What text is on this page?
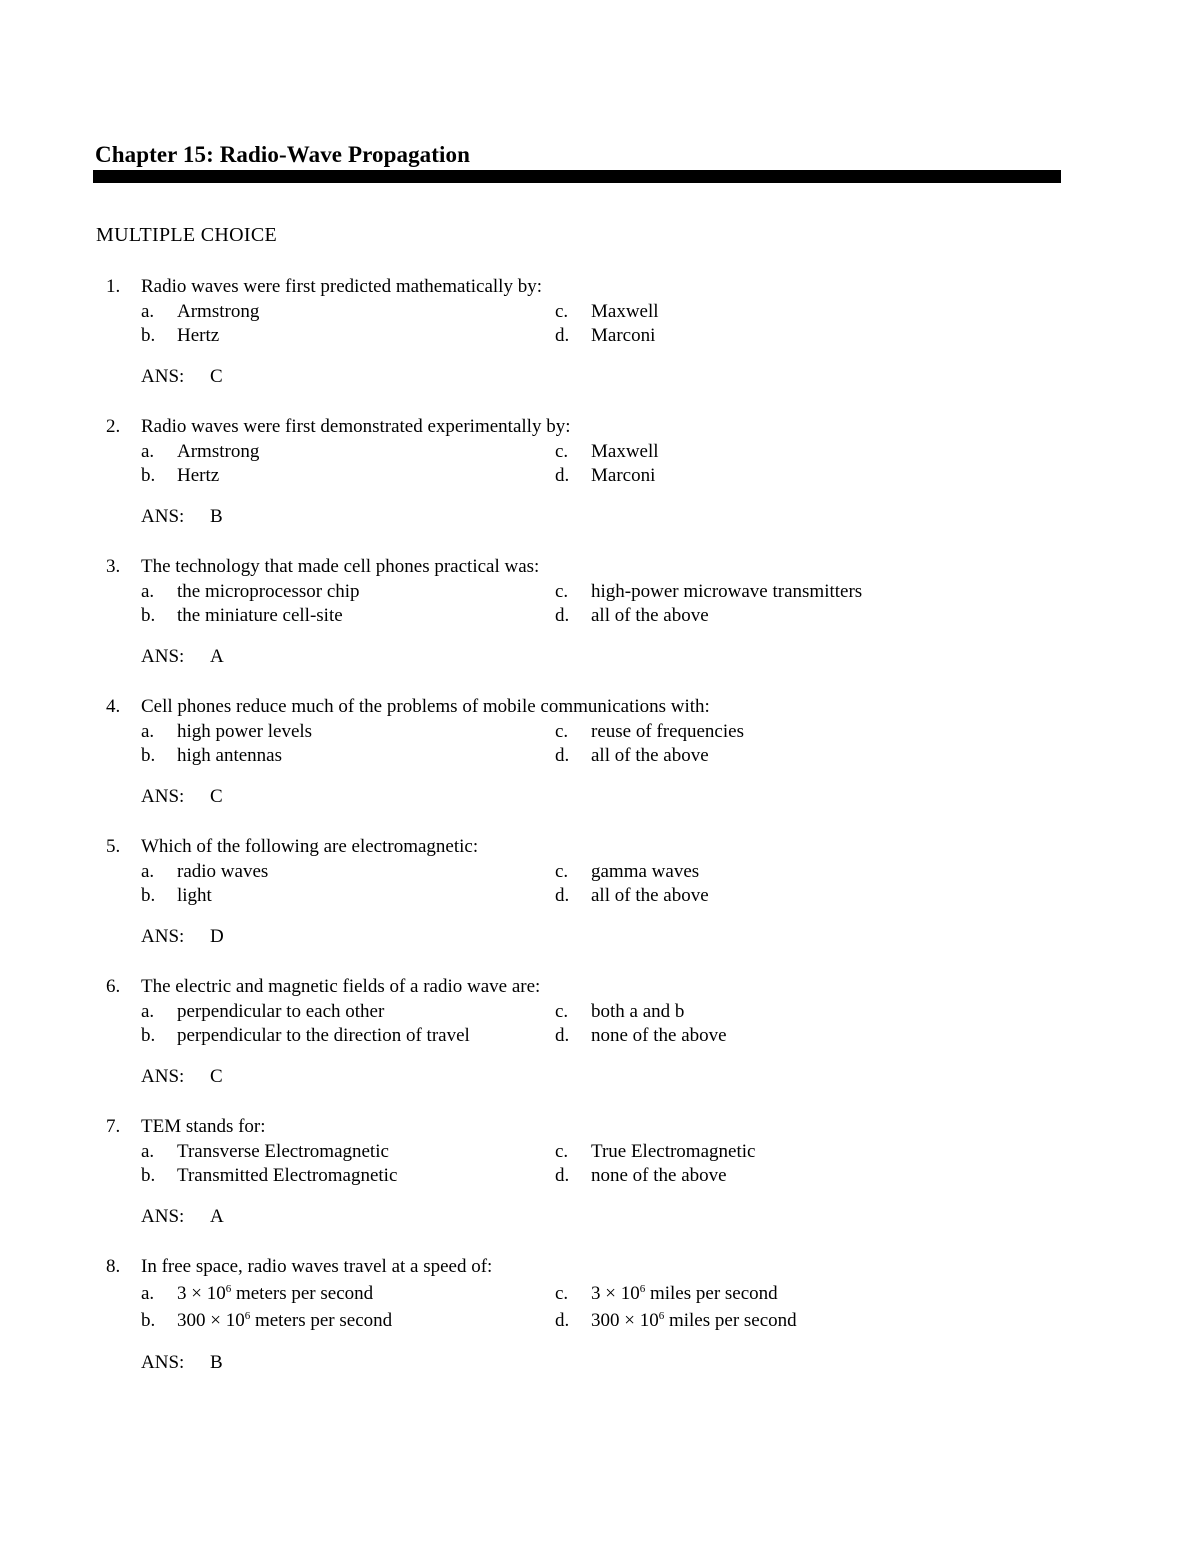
Chapter 15: Radio-Wave Propagation
MULTIPLE CHOICE
1. Radio waves were first predicted mathematically by:
a. Armstrong
b. Hertz
c. Maxwell
d. Marconi
ANS: C
2. Radio waves were first demonstrated experimentally by:
a. Armstrong
b. Hertz
c. Maxwell
d. Marconi
ANS: B
3. The technology that made cell phones practical was:
a. the microprocessor chip
b. the miniature cell-site
c. high-power microwave transmitters
d. all of the above
ANS: A
4. Cell phones reduce much of the problems of mobile communications with:
a. high power levels
b. high antennas
c. reuse of frequencies
d. all of the above
ANS: C
5. Which of the following are electromagnetic:
a. radio waves
b. light
c. gamma waves
d. all of the above
ANS: D
6. The electric and magnetic fields of a radio wave are:
a. perpendicular to each other
b. perpendicular to the direction of travel
c. both a and b
d. none of the above
ANS: C
7. TEM stands for:
a. Transverse Electromagnetic
b. Transmitted Electromagnetic
c. True Electromagnetic
d. none of the above
ANS: A
8. In free space, radio waves travel at a speed of:
a. $3 \times 10^6$ meters per second
b. $300 \times 10^6$ meters per second
c. $3 \times 10^6$ miles per second
d. $300 \times 10^6$ miles per second
ANS: B
